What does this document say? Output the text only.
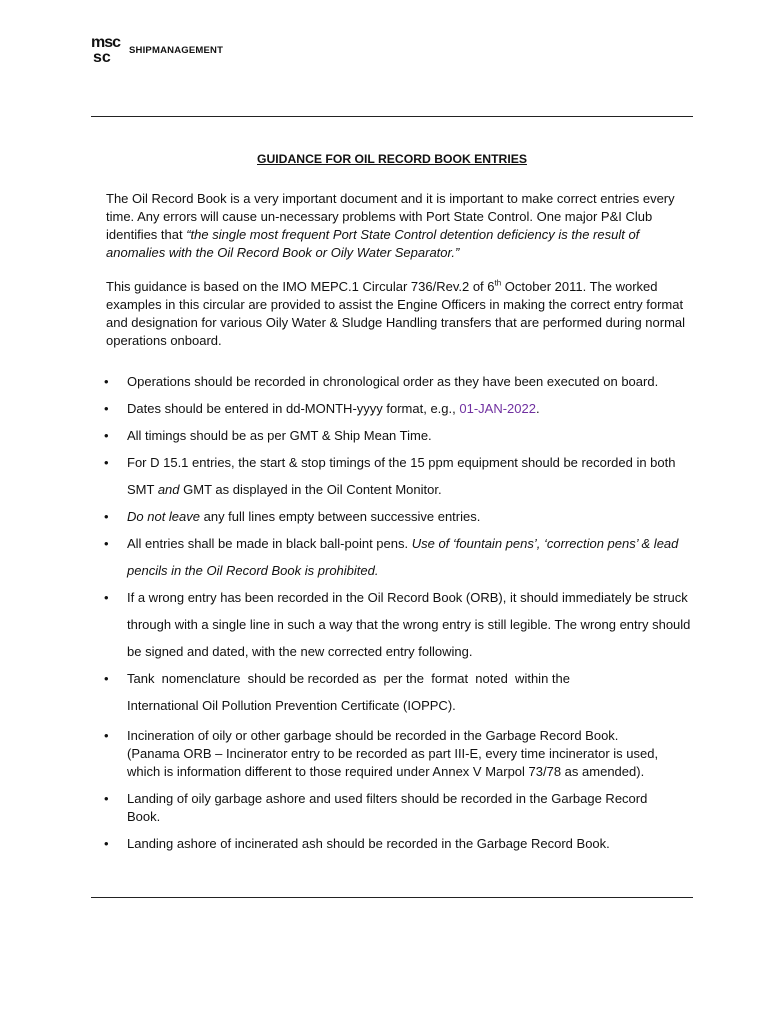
msc
sc SHIPMANAGEMENT
GUIDANCE FOR OIL RECORD BOOK ENTRIES

The Oil Record Book is a very important document and it is important to make correct entries every time. Any errors will cause un-necessary problems with Port State Control. One major P&I Club identifies that “the single most frequent Port State Control detention deficiency is the result of anomalies with the Oil Record Book or Oily Water Separator.”

This guidance is based on the IMO MEPC.1 Circular 736/Rev.2 of 6th October 2011. The worked examples in this circular are provided to assist the Engine Officers in making the correct entry format and designation for various Oily Water & Sludge Handling transfers that are performed during normal operations onboard.

• Operations should be recorded in chronological order as they have been executed on board.
• Dates should be entered in dd-MONTH-yyyy format, e.g., 01-JAN-2022.
• All timings should be as per GMT & Ship Mean Time.
• For D 15.1 entries, the start & stop timings of the 15 ppm equipment should be recorded in both SMT and GMT as displayed in the Oil Content Monitor.
• Do not leave any full lines empty between successive entries.
• All entries shall be made in black ball-point pens. Use of ‘fountain pens’, ‘correction pens’ & lead pencils in the Oil Record Book is prohibited.
• If a wrong entry has been recorded in the Oil Record Book (ORB), it should immediately be struck through with a single line in such a way that the wrong entry is still legible. The wrong entry should be signed and dated, with the new corrected entry following.
• Tank  nomenclature  should be recorded as  per the  format  noted  within the International Oil Pollution Prevention Certificate (IOPPC).
• Incineration of oily or other garbage should be recorded in the Garbage Record Book. (Panama ORB – Incinerator entry to be recorded as part III-E, every time incinerator is used, which is information different to those required under Annex V Marpol 73/78 as amended).
• Landing of oily garbage ashore and used filters should be recorded in the Garbage Record Book.
• Landing ashore of incinerated ash should be recorded in the Garbage Record Book.
